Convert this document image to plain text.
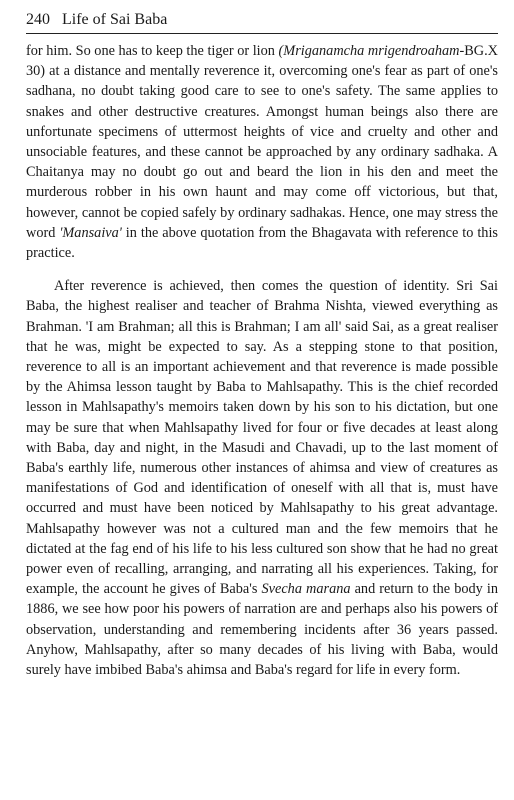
240 Life of Sai Baba

for him. So one has to keep the tiger or lion (Mriganamcha mrigendroaham-BG.X 30) at a distance and mentally reverence it, overcoming one's fear as part of one's sadhana, no doubt taking good care to see to one's safety. The same applies to snakes and other destructive creatures. Amongst human beings also there are unfortunate specimens of uttermost heights of vice and cruelty and other and unsociable features, and these cannot be approached by any ordinary sadhaka. A Chaitanya may no doubt go out and beard the lion in his den and meet the murderous robber in his own haunt and may come off victorious, but that, however, cannot be copied safely by ordinary sadhakas. Hence, one may stress the word 'Mansaiva' in the above quotation from the Bhagavata with reference to this practice.

After reverence is achieved, then comes the question of identity. Sri Sai Baba, the highest realiser and teacher of Brahma Nishta, viewed everything as Brahman. 'I am Brahman; all this is Brahman; I am all' said Sai, as a great realiser that he was, might be expected to say. As a stepping stone to that position, reverence to all is an important achievement and that reverence is made possible by the Ahimsa lesson taught by Baba to Mahlsapathy. This is the chief recorded lesson in Mahlsapathy's memoirs taken down by his son to his dictation, but one may be sure that when Mahlsapathy lived for four or five decades at least along with Baba, day and night, in the Masudi and Chavadi, up to the last moment of Baba's earthly life, numerous other instances of ahimsa and view of creatures as manifestations of God and identification of oneself with all that is, must have occurred and must have been noticed by Mahlsapathy to his great advantage. Mahlsapathy however was not a cultured man and the few memoirs that he dictated at the fag end of his life to his less cultured son show that he had no great power even of recalling, arranging, and narrating all his experiences. Taking, for example, the account he gives of Baba's Svecha marana and return to the body in 1886, we see how poor his powers of narration are and perhaps also his powers of observation, understanding and remembering incidents after 36 years passed. Anyhow, Mahlsapathy, after so many decades of his living with Baba, would surely have imbibed Baba's ahimsa and Baba's regard for life in every form.
